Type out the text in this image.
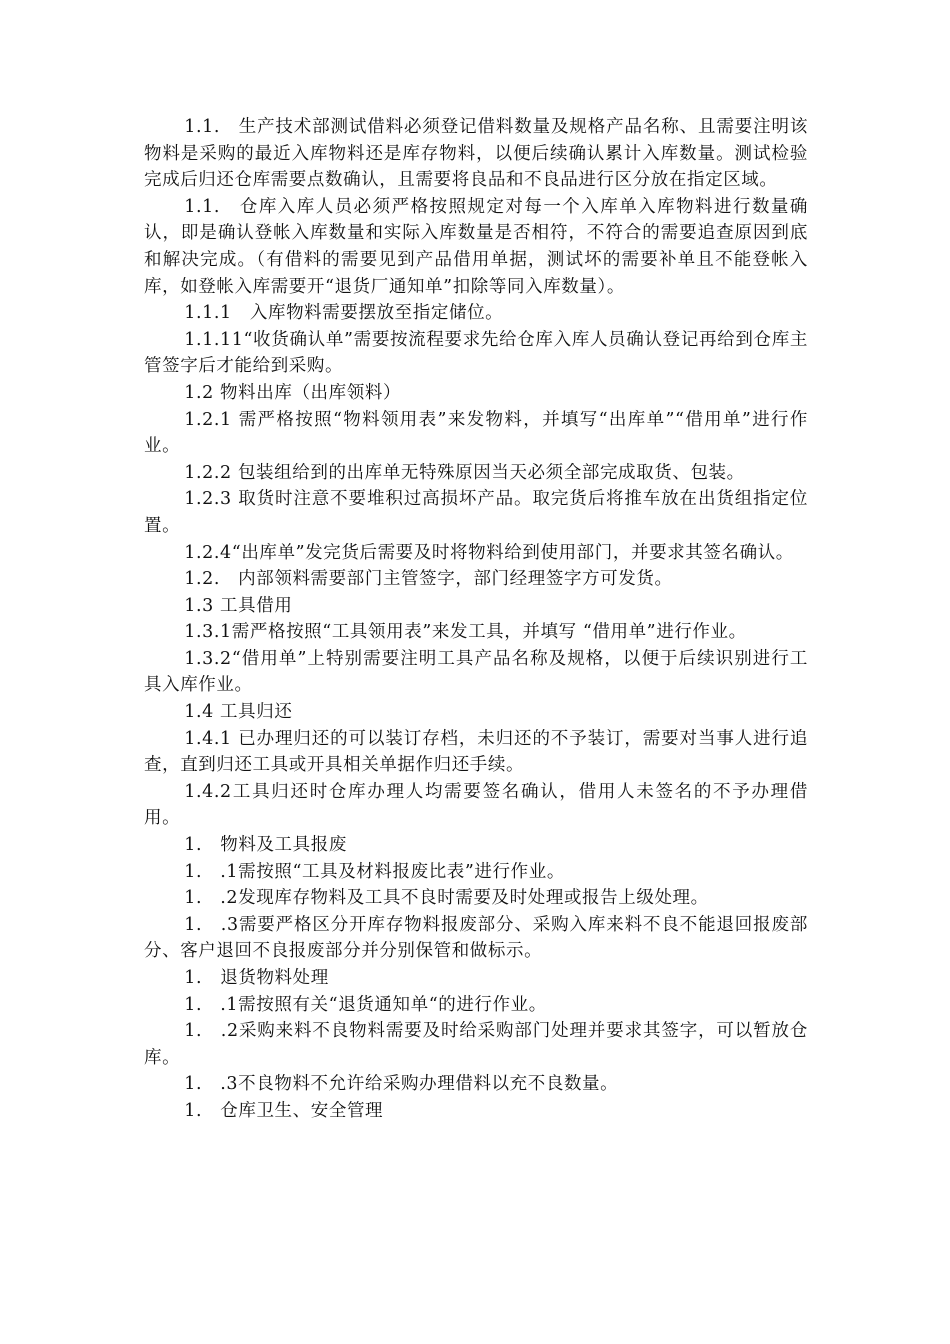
1.1.　生产技术部测试借料必须登记借料数量及规格产品名称、且需要注明该物料是采购的最近入库物料还是库存物料，以便后续确认累计入库数量。测试检验完成后归还仓库需要点数确认，且需要将良品和不良品进行区分放在指定区域。

1.1.　仓库入库人员必须严格按照规定对每一个入库单入库物料进行数量确认，即是确认登帐入库数量和实际入库数量是否相符，不符合的需要追查原因到底和解决完成。（有借料的需要见到产品借用单据，测试坏的需要补单且不能登帐入库，如登帐入库需要开“退货厂通知单”扣除等同入库数量）。

1.1.1　入库物料需要摆放至指定储位。

1.1.11“收货确认单”需要按流程要求先给仓库入库人员确认登记再给到仓库主管签字后才能给到采购。

1.2 物料出库（出库领料）

1.2.1 需严格按照“物料领用表”来发物料，并填写“出库单”“借用单”进行作业。

1.2.2 包装组给到的出库单无特殊原因当天必须全部完成取货、包装。

1.2.3 取货时注意不要堆积过高损坏产品。取完货后将推车放在出货组指定位置。

1.2.4“出库单”发完货后需要及时将物料给到使用部门，并要求其签名确认。

1.2.　内部领料需要部门主管签字，部门经理签字方可发货。

1.3 工具借用

1.3.1需严格按照“工具领用表”来发工具，并填写 “借用单”进行作业。

1.3.2“借用单”上特别需要注明工具产品名称及规格，以便于后续识别进行工具入库作业。

1.4 工具归还

1.4.1 已办理归还的可以装订存档，未归还的不予装订，需要对当事人进行追查，直到归还工具或开具相关单据作归还手续。

1.4.2工具归还时仓库办理人均需要签名确认，借用人未签名的不予办理借用。

1.　物料及工具报废

1.　.1需按照“工具及材料报废比表”进行作业。

1.　.2发现库存物料及工具不良时需要及时处理或报告上级处理。

1.　.3需要严格区分开库存物料报废部分、采购入库来料不良不能退回报废部分、客户退回不良报废部分并分别保管和做标示。

1.　退货物料处理

1.　.1需按照有关“退货通知单“的进行作业。

1.　.2采购来料不良物料需要及时给采购部门处理并要求其签字，可以暂放仓库。

1.　.3不良物料不允许给采购办理借料以充不良数量。

1.　仓库卫生、安全管理
